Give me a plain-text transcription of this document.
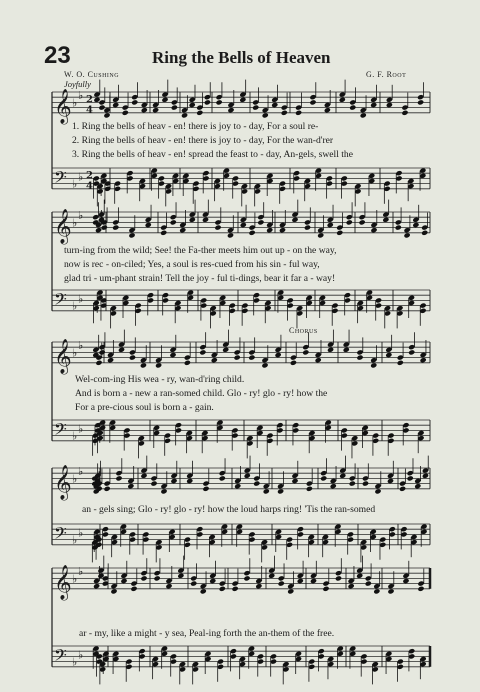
23	Ring the Bells of Heaven
W. O. Cushing	G. F. Root
Joyfully
Chorus
𝄞 ♭
♭ 2
4
𝄢 ♭
♭ 2
4
𝄞 ♭
♭
𝄢 ♭
♭
𝄞 ♭
♭
𝄢 ♭
♭
𝄞 ♭
♭
𝄢 ♭
♭
𝄞 ♭
♭
𝄢 ♭
♭
1. Ring the bells of heav - en! there is joy to - day, For a soul re-
2. Ring the bells of heav - en! there is joy to - day, For the wan-d'rer
3. Ring the bells of heav - en! spread the feast to - day, An-gels, swell the
turn-ing from the wild; See! the Fa-ther meets him out up - on the way,
now is rec - on-ciled; Yes, a soul is res-cued from his sin - ful way,
glad tri - um-phant strain! Tell the joy - ful ti-dings, bear it far a - way!
Wel-com-ing His wea - ry, wan-d'ring child.
And is born a - new a ran-somed child. Glo - ry! glo - ry! how the
For a pre-cious soul is born a - gain.
an - gels sing; Glo - ry! glo - ry! how the loud harps ring! 'Tis the ran-somed
ar - my, like a might - y sea, Peal-ing forth the an-them of the free.
